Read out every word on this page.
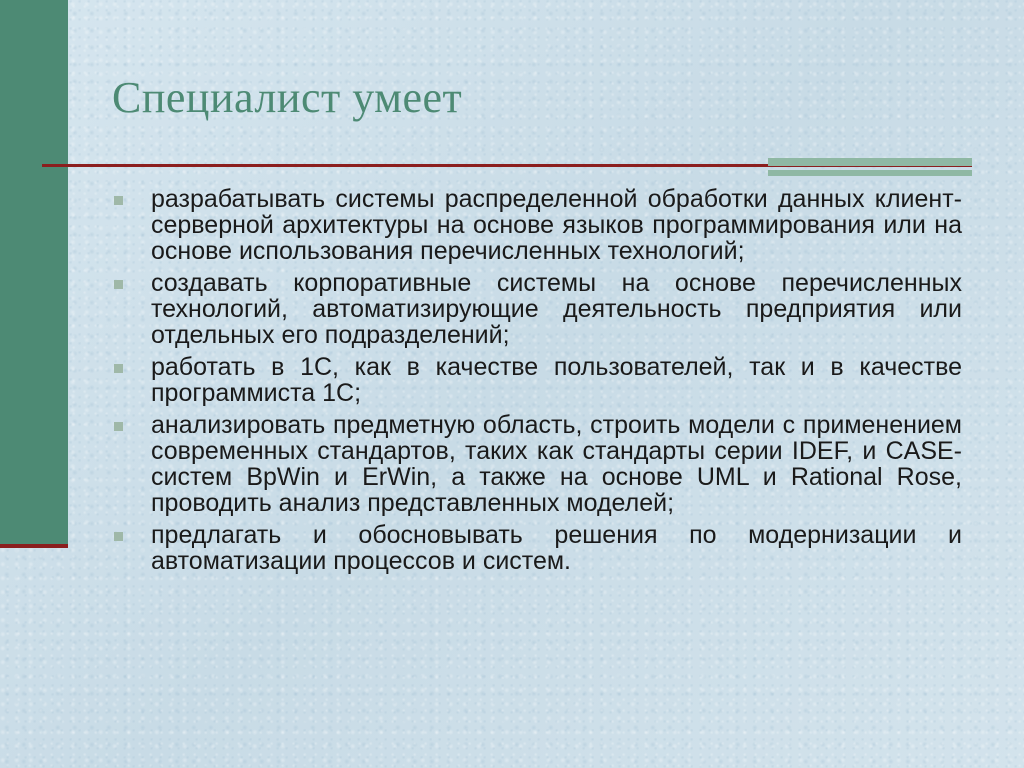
Специалист умеет
разрабатывать системы распределенной обработки данных клиент-серверной архитектуры на основе языков программирования или на основе использования перечисленных технологий;
создавать корпоративные системы на основе перечисленных технологий, автоматизирующие деятельность предприятия или отдельных его подразделений;
работать в 1С, как в качестве пользователей, так и в качестве программиста 1С;
анализировать предметную область, строить модели с применением современных стандартов, таких как стандарты серии IDEF, и CASE-систем BpWin и ErWin, а также на основе UML и Rational Rose, проводить анализ представленных моделей;
предлагать и обосновывать решения по модернизации и автоматизации процессов и систем.
